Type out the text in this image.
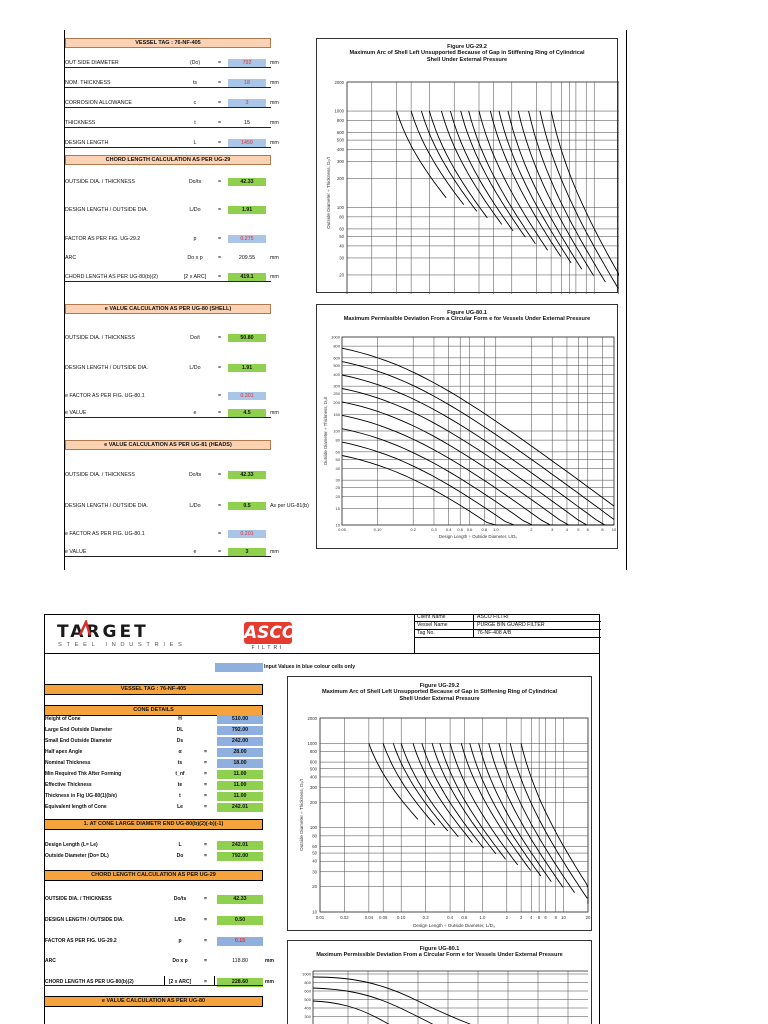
VESSEL TAG : 76-NF-405
CHORD LENGTH CALCULATION AS PER UG-29
e VALUE CALCULATION AS PER UG-80 (SHELL)
e VALUE CALCULATION AS PER UG-81 (HEADS)
Figure UG-29.2
Maximum Arc of Shell Left Unsupported Because of Gap in Stiffening Ring of Cylindrical Shell Under External Pressure
1000
800
600
500
400
300
200
100
80
60
50
40
30
20
2000
Outside Diameter ÷ Thickness, D₀/t
Figure UG-80.1
Maximum Permissible Deviation From a Circular Form e for Vessels Under External Pressure
0.05	0.10	0.2	0.3 0.4 0.5 0.6 0.8 1.0	2	3	4 5 6	8 10
1000
800
600
500
400
300
250
200
150
100
80
60
50
40
30
25
20
15
10
Design Length ÷ Outside Diameter, L/D₀
Outside Diameter ÷ Thickness, D₀/t
TARGET
STEEL INDUSTRIES
ASCO
FILTRI
Client Name	ASCO FILTRI
Vessel Name	PURGE BIN GUARD FILTER
Tag No.	76-NF-408 A/B
Input Values in blue colour cells only
VESSEL TAG : 76-NF-405
CONE DETAILS
1. AT CONE LARGE DIAMETR END UG-80(b)(2)(-b)(-1)
CHORD LENGTH CALCULATION AS PER UG-29
e VALUE CALCULATION AS PER UG-80
Figure UG-29.2
Maximum Arc of Shell Left Unsupported Because of Gap in Stiffening Ring of Cylindrical Shell Under External Pressure
0.01	0.02	0.04 0.06 0.10	0.2	0.4 0.6	1.0	2	3 4 5 6 8 10	20
1000
800
600
500
400
300
200
100
80
60
50
40
30
20
10
2000
Design Length ÷ Outside Diameter, L/D₀
Outside Diameter ÷ Thickness, D₀/t
Figure UG-80.1
Maximum Permissible Deviation From a Circular Form e for Vessels Under External Pressure
1000
800
600
500
400
300
OUT SIDE DIAMETER	(Do)	=	792	mm
NOM. THICKNESS	ts	=	18	mm
CORROSION ALLOWANCE	c	=	3	mm
THICKNESS	t	=	15	mm
DESIGN LENGTH	L	=	1459	mm
OUTSIDE DIA. / THICKNESS	Do/ts	=	42.33
DESIGN LENGTH / OUTSIDE DIA.	L/Do	=	1.91
FACTOR AS PER FIG. UG-29.2	p	=	0.275
ARC	Do x p	=	209.55	mm
CHORD LENGTH AS PER UG-80(b)(2)	[2 x ARC]	=	419.1	mm
OUTSIDE DIA. / THICKNESS	Do/t	=	50.80
DESIGN LENGTH / OUTSIDE DIA.	L/Do	=	1.91
e FACTOR AS PER FIG. UG-80.1	=	0.301
e VALUE	e	=	4.5	mm
OUTSIDE DIA. / THICKNESS	Do/ts	=	42.33
DESIGN LENGTH / OUTSIDE DIA.	L/Do	=	0.5	As per UG-81(b)
e FACTOR AS PER FIG. UG-80.1	=	0.201
e VALUE	e	=	3	mm
Height of Cone	H	510.00
Large End Outside Diameter	DL	792.00
Small End Outside Diameter	Ds	242.00
Half apex Angle	α	=	28.00
Nominal Thickness	ts	=	18.00
Min Required Thk After Forming	t_nf	=	11.00
Effective Thickness	te	=	11.00
Thickness in Fig UG-80(1)(b/e)	t	=	11.00
Equivalent length of Cone	Le	=	242.01
Design Length (L= Le)	L	=	242.01
Outside Diameter (Do= DL)	Do	=	792.00
OUTSIDE DIA. / THICKNESS	Do/ts	=	42.33
DESIGN LENGTH / OUTSIDE DIA.	L/Do	=	0.50
FACTOR AS PER FIG. UG-29.2	p	=	0.15
ARC	Do x p	=	118.80	mm
CHORD LENGTH AS PER UG-80(b)(2)	[2 x ARC]	=	228.60	mm
